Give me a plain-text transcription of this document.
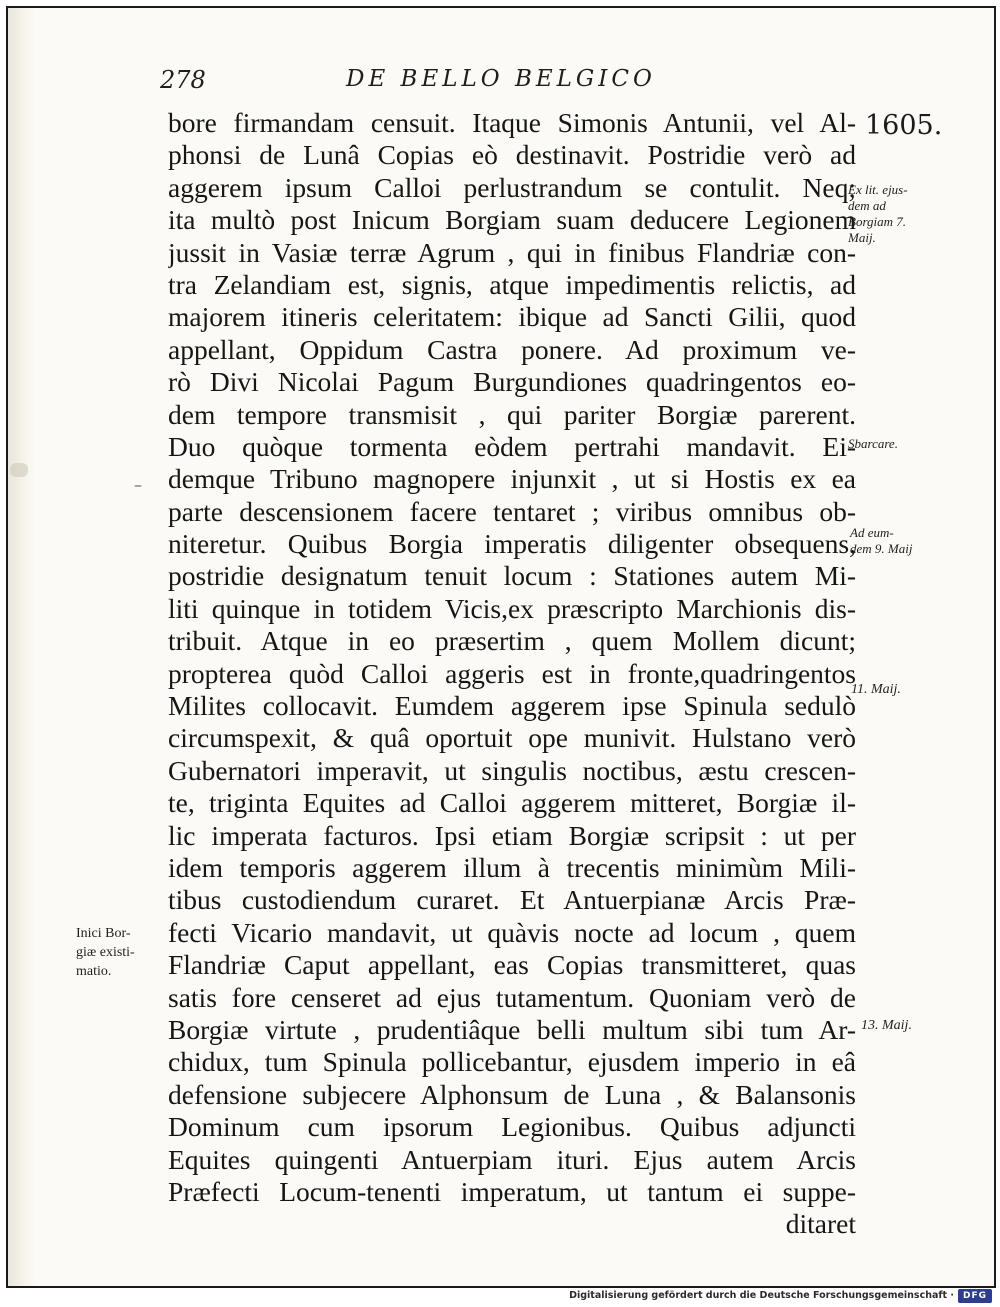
278	DE BELLO BELGICO
1605.
bore firmandam censuit. Itaque Simonis Antunii, vel Al-
phonsi de Lunâ Copias eò destinavit. Postridie verò ad
aggerem ipsum Calloi perlustrandum se contulit. Neq;
ita multò post Inicum Borgiam suam deducere Legionem
jussit in Vasiæ terræ Agrum , qui in finibus Flandriæ con-
tra Zelandiam est, signis, atque impedimentis relictis, ad
majorem itineris celeritatem: ibique ad Sancti Gilii, quod
appellant, Oppidum Castra ponere. Ad proximum ve-
rò Divi Nicolai Pagum Burgundiones quadringentos eo-
dem tempore transmisit , qui pariter Borgiæ parerent.
Duo quòque tormenta eòdem pertrahi mandavit. Ei-
demque Tribuno magnopere injunxit , ut si Hostis ex ea
parte descensionem facere tentaret ; viribus omnibus ob-
niteretur. Quibus Borgia imperatis diligenter obsequens,
postridie designatum tenuit locum : Stationes autem Mi-
liti quinque in totidem Vicis,ex præscripto Marchionis dis-
tribuit. Atque in eo præsertim , quem Mollem dicunt;
propterea quòd Calloi aggeris est in fronte,quadringentos
Milites collocavit. Eumdem aggerem ipse Spinula sedulò
circumspexit, & quâ oportuit ope munivit. Hulstano verò
Gubernatori imperavit, ut singulis noctibus, æstu crescen-
te, triginta Equites ad Calloi aggerem mitteret, Borgiæ il-
lic imperata facturos. Ipsi etiam Borgiæ scripsit : ut per
idem temporis aggerem illum à trecentis minimùm Mili-
tibus custodiendum curaret. Et Antuerpianæ Arcis Præ-
fecti Vicario mandavit, ut quàvis nocte ad locum , quem
Flandriæ Caput appellant, eas Copias transmitteret, quas
satis fore censeret ad ejus tutamentum. Quoniam verò de
Borgiæ virtute , prudentiâque belli multum sibi tum Ar-
chidux, tum Spinula pollicebantur, ejusdem imperio in eâ
defensione subjecere Alphonsum de Luna , & Balansonis
Dominum cum ipsorum Legionibus. Quibus adjuncti
Equites quingenti Antuerpiam ituri. Ejus autem Arcis
Præfecti Locum-tenenti imperatum, ut tantum ei suppe-
ditaret
Ex lit. ejus-
dem ad
Borgiam 7.
Maij.
Sbarcare.
Ad eum-
dem 9. Maij
11. Maij.
13. Maij.
Inici Bor-
giæ existi-
matio.
–
Digitalisierung gefördert durch die Deutsche Forschungsgemeinschaft · DFG
